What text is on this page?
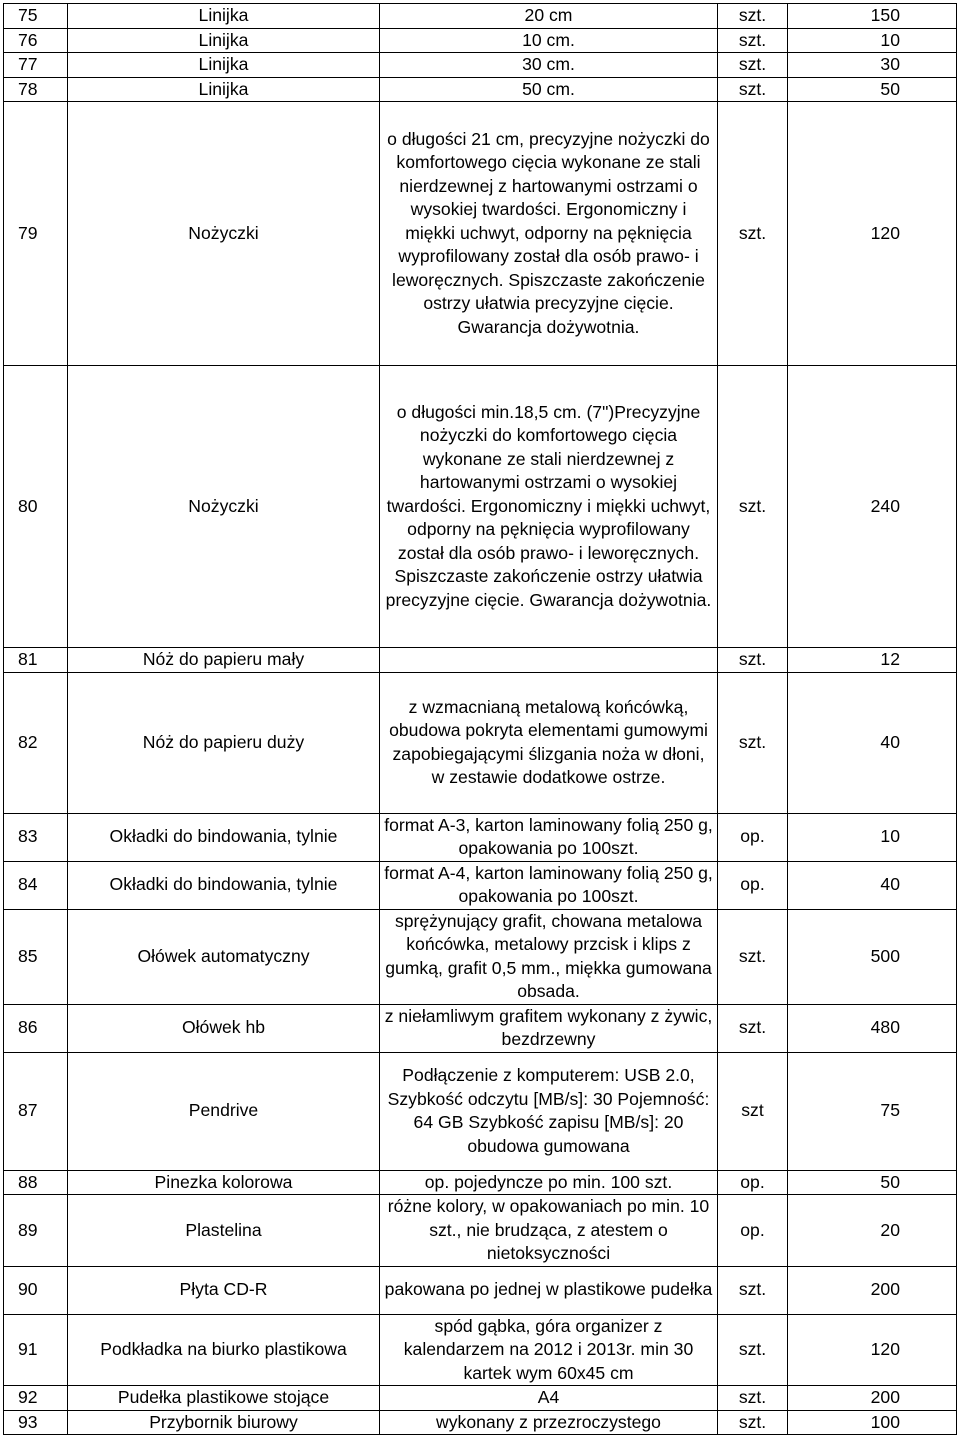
75	Linijka	20 cm	szt.	150
76	Linijka	10 cm.	szt.	10
77	Linijka	30 cm.	szt.	30
78	Linijka	50 cm.	szt.	50
79	Nożyczki	o długości 21 cm, precyzyjne nożyczki do komfortowego cięcia wykonane ze stali nierdzewnej z hartowanymi ostrzami o wysokiej twardości. Ergonomiczny i miękki uchwyt, odporny na pęknięcia wyprofilowany został dla osób prawo- i leworęcznych. Spiszczaste zakończenie ostrzy ułatwia precyzyjne cięcie. Gwarancja dożywotnia.	szt.	120
80	Nożyczki	o długości min.18,5 cm. (7")Precyzyjne nożyczki do komfortowego cięcia wykonane ze stali nierdzewnej z hartowanymi ostrzami o wysokiej twardości. Ergonomiczny i miękki uchwyt, odporny na pęknięcia wyprofilowany został dla osób prawo- i leworęcznych. Spiszczaste zakończenie ostrzy ułatwia precyzyjne cięcie. Gwarancja dożywotnia.	szt.	240
81	Nóż do papieru mały		szt.	12
82	Nóż do papieru duży	z wzmacnianą metalową końcówką, obudowa pokryta elementami gumowymi zapobiegającymi ślizgania noża w dłoni, w zestawie dodatkowe ostrze.	szt.	40
83	Okładki do bindowania, tylnie	format A-3, karton laminowany folią 250 g, opakowania po 100szt.	op.	10
84	Okładki do bindowania, tylnie	format A-4, karton laminowany folią 250 g, opakowania po 100szt.	op.	40
85	Ołówek automatyczny	sprężynujący grafit, chowana metalowa końcówka, metalowy przcisk i klips z gumką, grafit 0,5 mm., miękka gumowana obsada.	szt.	500
86	Ołówek hb	z niełamliwym grafitem wykonany z żywic, bezdrzewny	szt.	480
87	Pendrive	Podłączenie z komputerem: USB 2.0, Szybkość odczytu [MB/s]: 30 Pojemność: 64 GB Szybkość zapisu [MB/s]: 20 obudowa gumowana	szt	75
88	Pinezka kolorowa	op. pojedyncze po min. 100 szt.	op.	50
89	Plastelina	różne kolory, w opakowaniach po min. 10 szt., nie brudząca, z atestem o nietoksyczności	op.	20
90	Płyta CD-R	pakowana po jednej w plastikowe pudełka	szt.	200
91	Podkładka na biurko plastikowa	spód gąbka, góra organizer z kalendarzem na 2012 i 2013r. min 30 kartek wym 60x45 cm	szt.	120
92	Pudełka plastikowe stojące	A4	szt.	200
93	Przybornik biurowy	wykonany z przezroczystego	szt.	100
